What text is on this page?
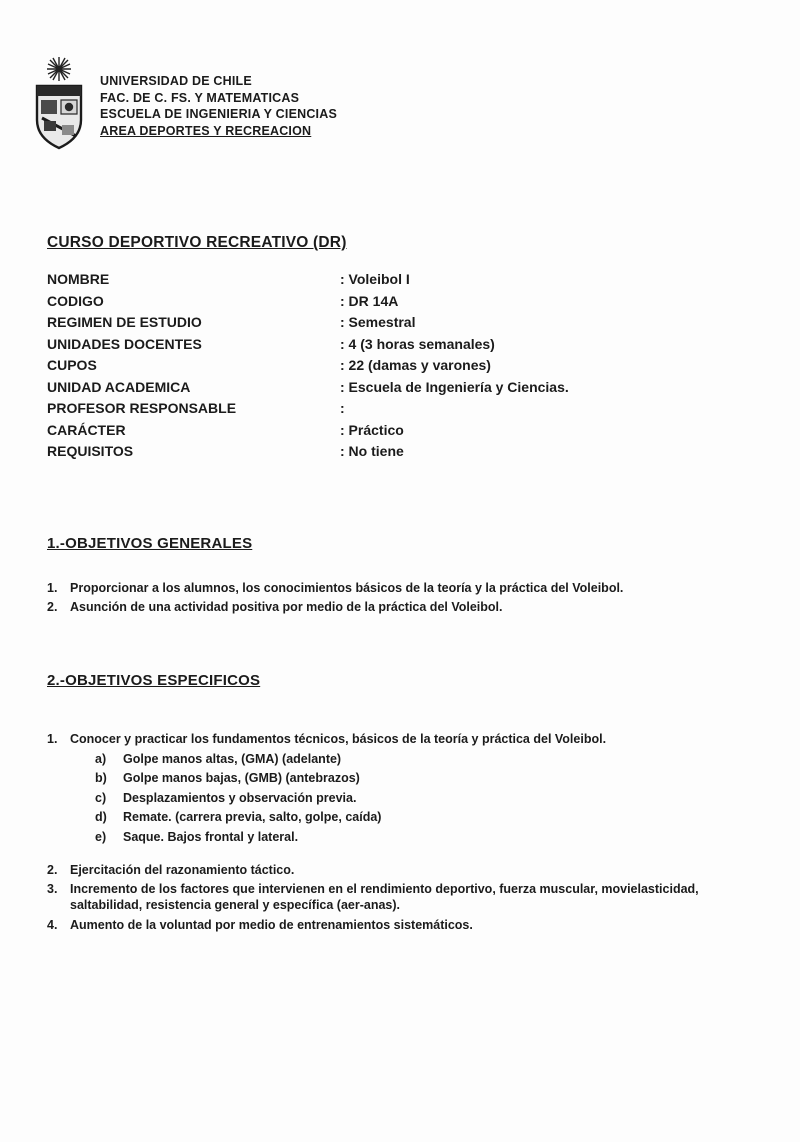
UNIVERSIDAD DE CHILE
FAC. DE C. FS. Y MATEMATICAS
ESCUELA DE INGENIERIA Y CIENCIAS
AREA DEPORTES Y RECREACION
CURSO DEPORTIVO RECREATIVO (DR)
NOMBRE	: Voleibol I
CODIGO	: DR 14A
REGIMEN DE ESTUDIO	: Semestral
UNIDADES DOCENTES	: 4 (3 horas semanales)
CUPOS	: 22 (damas y varones)
UNIDAD ACADEMICA	: Escuela de Ingeniería y Ciencias.
PROFESOR RESPONSABLE	:
CARÁCTER	: Práctico
REQUISITOS	: No tiene
1.-OBJETIVOS GENERALES
1.	Proporcionar a los alumnos, los conocimientos básicos de la teoría y la práctica del Voleibol.
2.	Asunción de una actividad positiva por medio de la práctica del Voleibol.
2.-OBJETIVOS ESPECIFICOS
1.	Conocer y practicar los fundamentos técnicos, básicos de la teoría y práctica del Voleibol.
a)	Golpe manos altas, (GMA) (adelante)
b)	Golpe manos bajas, (GMB) (antebrazos)
c)	Desplazamientos y observación previa.
d)	Remate. (carrera previa, salto, golpe, caída)
e)	Saque. Bajos frontal y lateral.
2.	Ejercitación del razonamiento táctico.
3.	Incremento de los factores que intervienen en el rendimiento deportivo, fuerza muscular, movielasticidad, saltabilidad, resistencia general y específica (aer-anas).
4.	Aumento de la voluntad por medio de entrenamientos sistemáticos.
